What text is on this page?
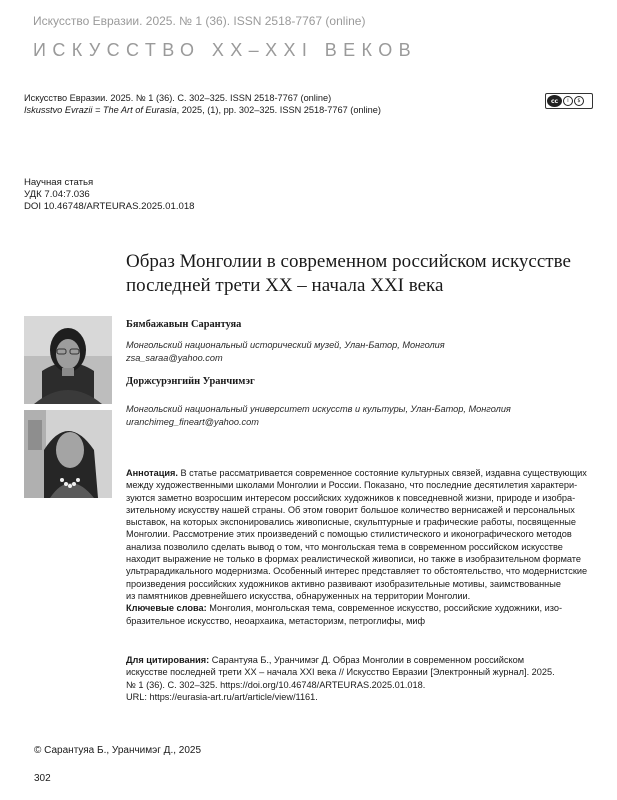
Искусство Евразии. 2025. № 1 (36). ISSN 2518-7767 (online)
ИСКУССТВО XX–XXI ВЕКОВ
Искусство Евразии. 2025. № 1 (36). С. 302–325. ISSN 2518-7767 (online)
Iskusstvo Evrazii = The Art of Eurasia, 2025, (1), pp. 302–325. ISSN 2518-7767 (online)
cc	i	$
Научная статья
УДК 7.04:7.036
DOI 10.46748/ARTEURAS.2025.01.018
Образ Монголии в современном российском искусстве
последней трети XX – начала XXI века
Бямбажавын Сарантуяа
Монгольский национальный исторический музей, Улан-Батор, Монголия
zsa_saraa@yahoo.com
Доржсурэнгийн Уранчимэг
Монгольский национальный университет искусств и культуры, Улан-Батор, Монголия
uranchimeg_fineart@yahoo.com
Аннотация. В статье рассматривается современное состояние культурных связей, издавна существующих
между художественными школами Монголии и России. Показано, что последние десятилетия характери-
зуются заметно возросшим интересом российских художников к повседневной жизни, природе и изобра-
зительному искусству нашей страны. Об этом говорит большое количество вернисажей и персональных
выставок, на которых экспонировались живописные, скульптурные и графические работы, посвященные
Монголии. Рассмотрение этих произведений с помощью стилистического и иконографического методов
анализа позволило сделать вывод о том, что монгольская тема в современном российском искусстве
находит выражение не только в формах реалистической живописи, но также в изобразительном формате
ультрарадикального модернизма. Особенный интерес представляет то обстоятельство, что модернистские
произведения российских художников активно развивают изобразительные мотивы, заимствованные
из памятников древнейшего искусства, обнаруженных на территории Монголии.
Ключевые слова: Монголия, монгольская тема, современное искусство, российские художники, изо-
бразительное искусство, неоархаика, метасторизм, петроглифы, миф
Для цитирования: Сарантуяа Б., Уранчимэг Д. Образ Монголии в современном российском
искусстве последней трети XX – начала XXI века // Искусство Евразии [Электронный журнал]. 2025.
№ 1 (36). С. 302–325. https://doi.org/10.46748/ARTEURAS.2025.01.018.
URL: https://eurasia-art.ru/art/article/view/1161.
© Сарантуяа Б., Уранчимэг Д., 2025
302
